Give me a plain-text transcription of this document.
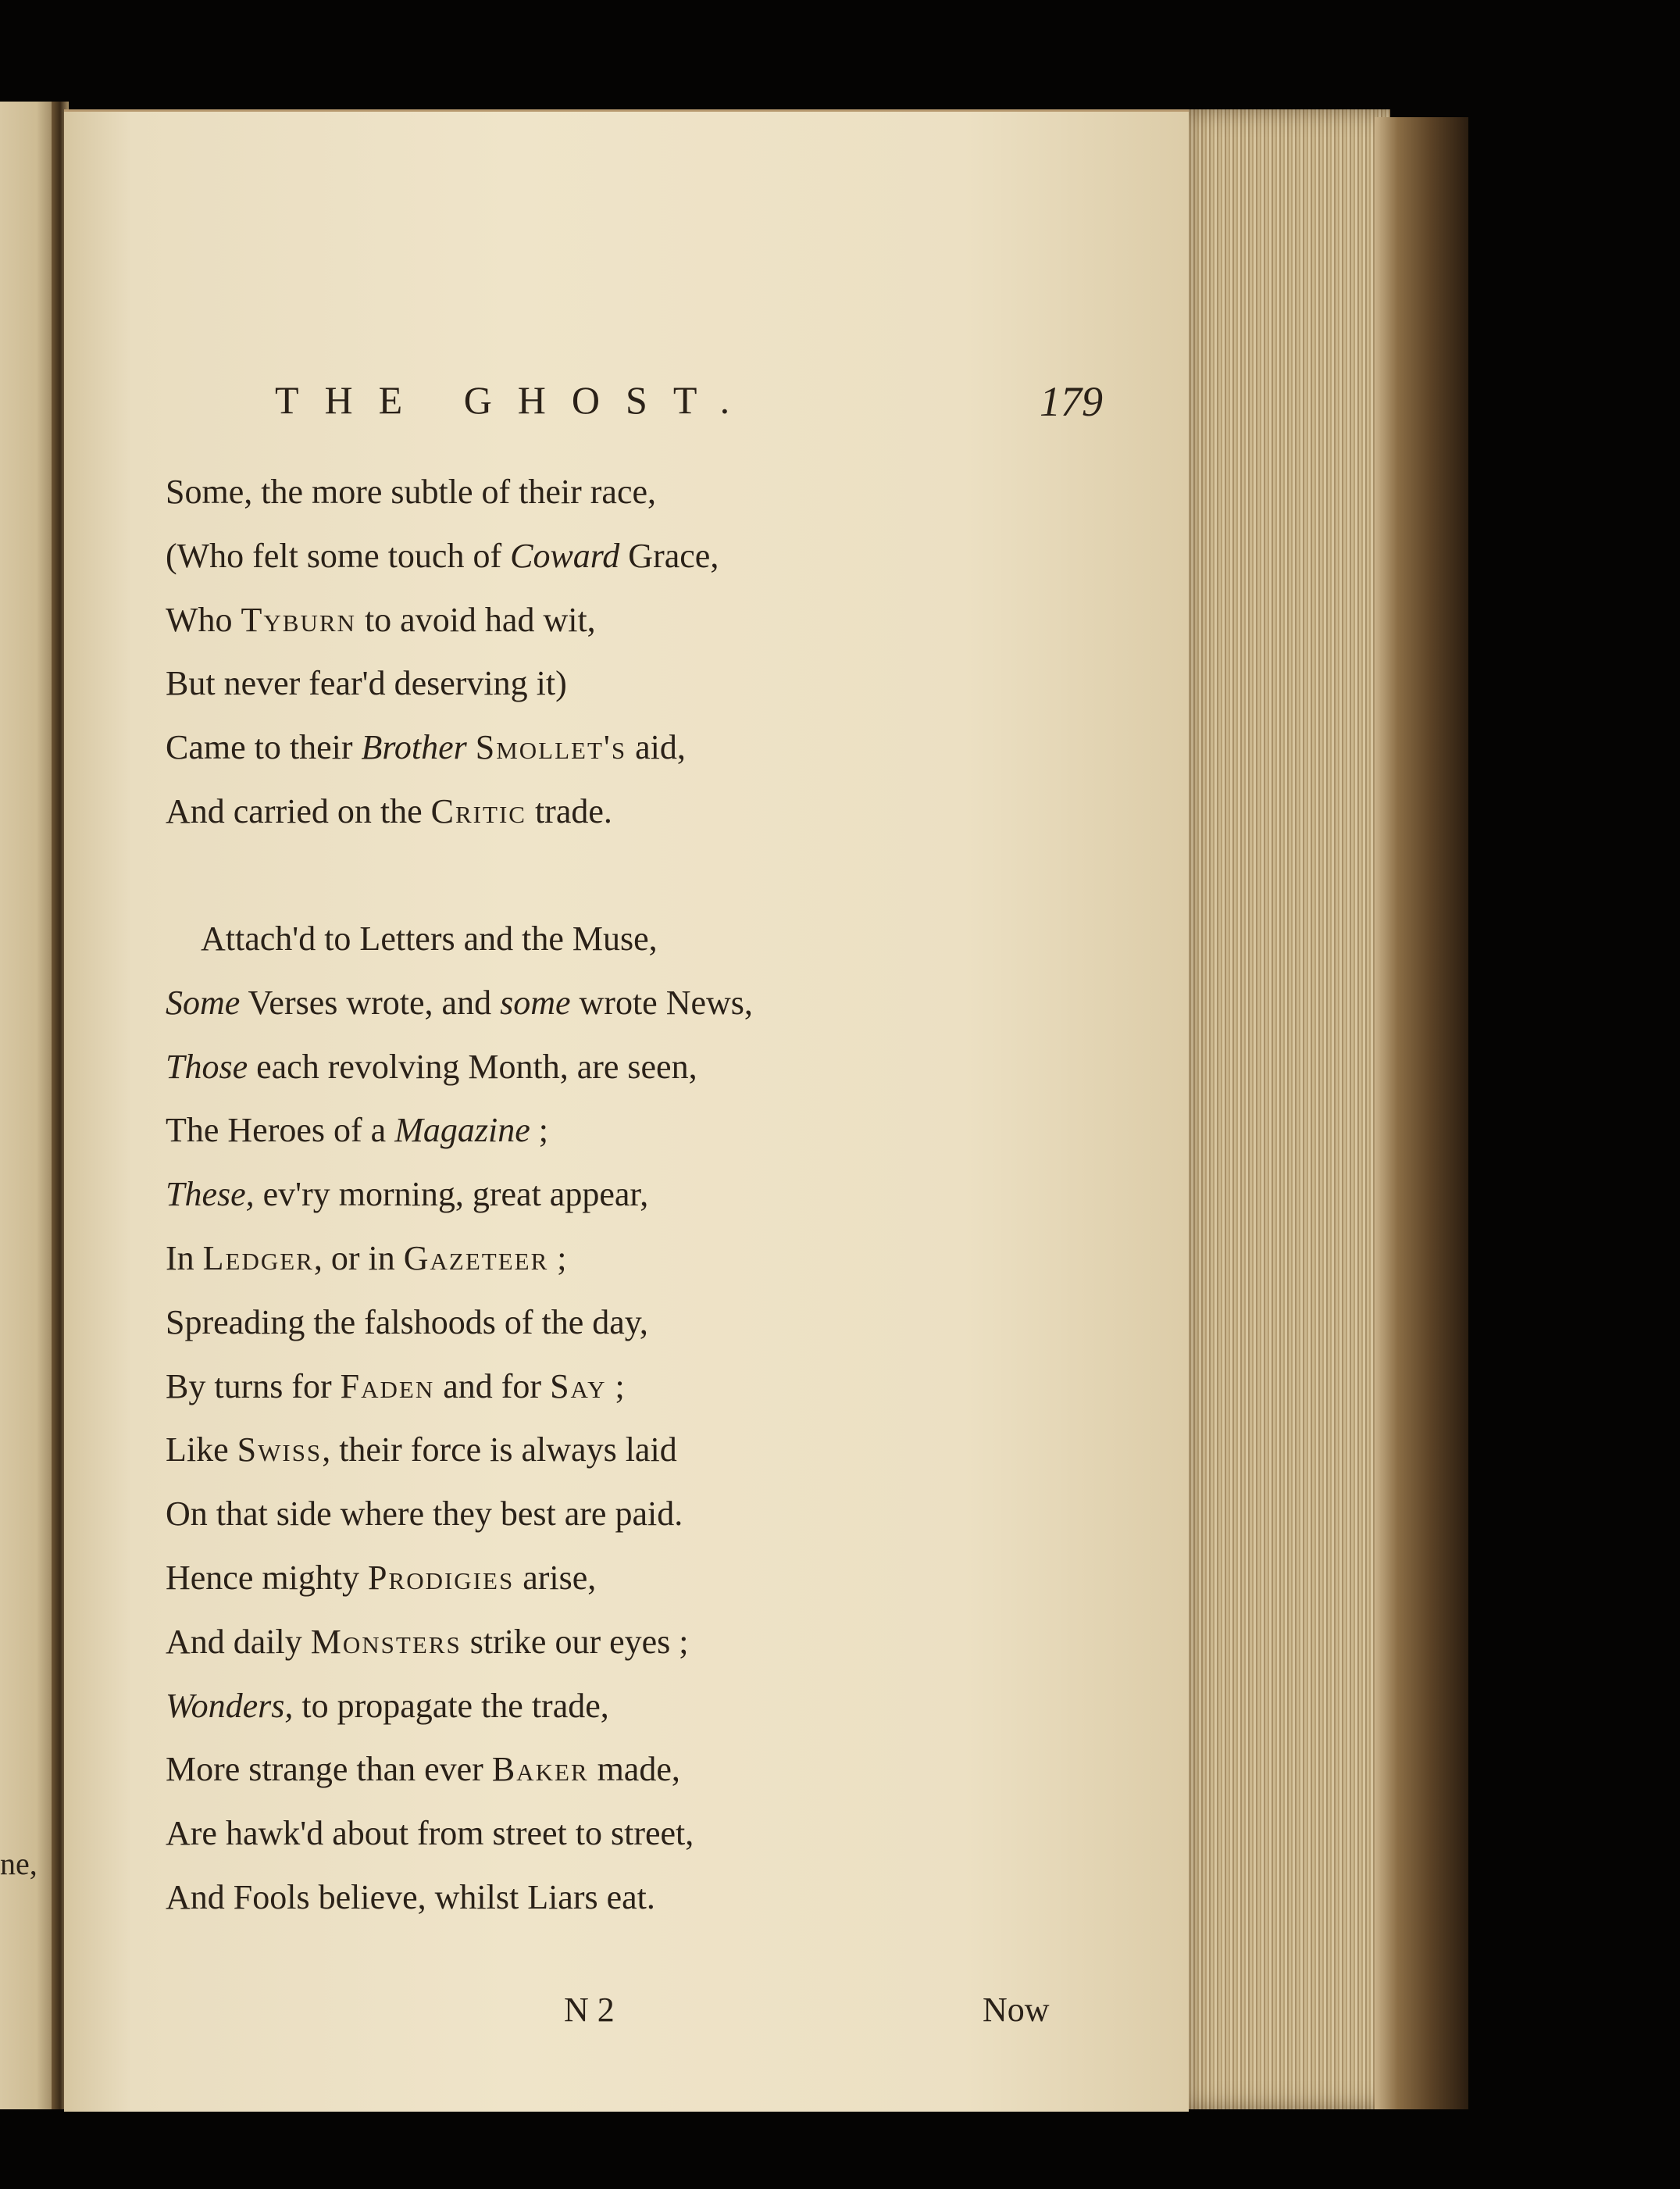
ne,
THE GHOST.	179
Some, the more subtle of their race,
(Who felt some touch of Coward Grace,
Who Tyburn to avoid had wit,
But never fear'd deserving it)
Came to their Brother Smollet's aid,
And carried on the Critic trade.
Attach'd to Letters and the Muse,
Some Verses wrote, and some wrote News,
Those each revolving Month, are seen,
The Heroes of a Magazine ;
These, ev'ry morning, great appear,
In Ledger, or in Gazeteer ;
Spreading the falshoods of the day,
By turns for Faden and for Say ;
Like Swiss, their force is always laid
On that side where they best are paid.
Hence mighty Prodigies arise,
And daily Monsters strike our eyes ;
Wonders, to propagate the trade,
More strange than ever Baker made,
Are hawk'd about from street to street,
And Fools believe, whilst Liars eat.
N 2	Now
